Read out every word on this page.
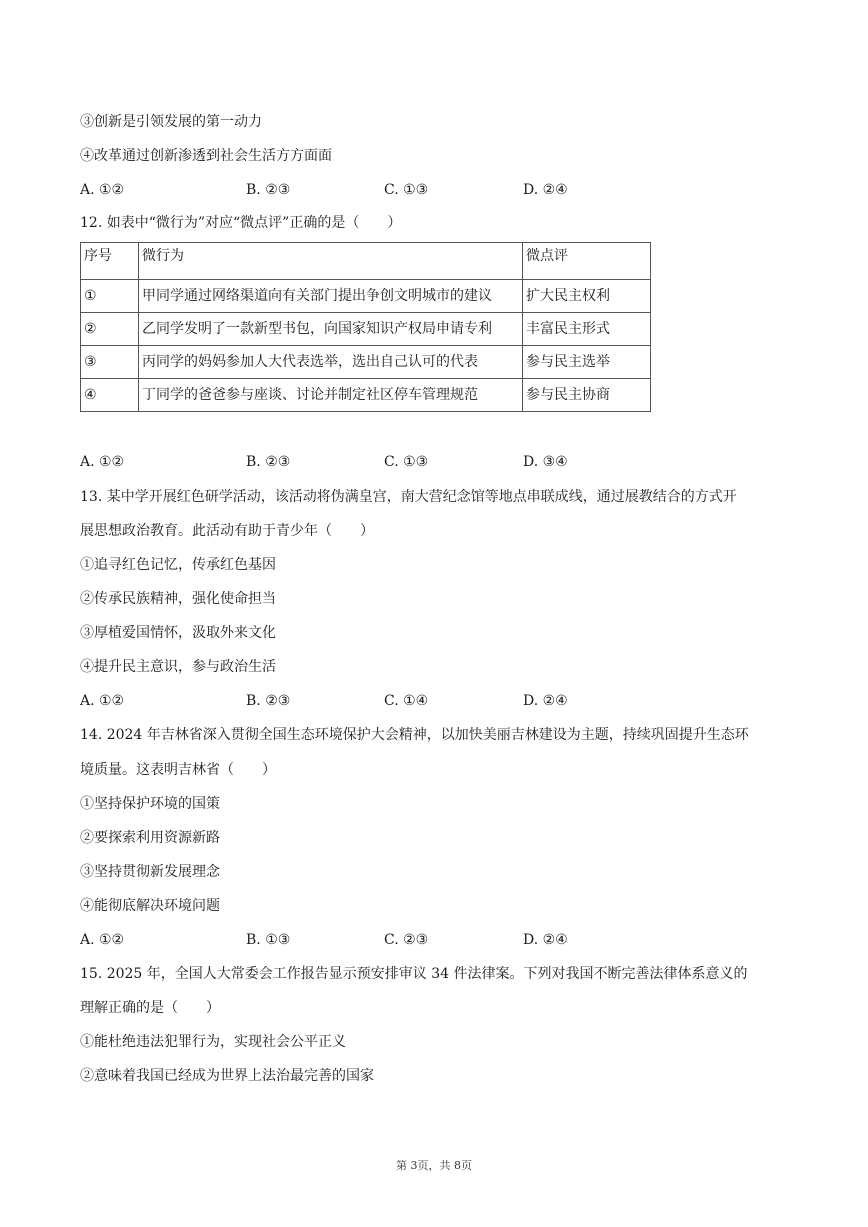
③创新是引领发展的第一动力
④改革通过创新渗透到社会生活方方面面
A. ①②	B. ②③	C. ①③	D. ②④
12. 如表中“微行为”对应“微点评”正确的是（　　）
序号	微行为	微点评
①	甲同学通过网络渠道向有关部门提出争创文明城市的建议	扩大民主权利
②	乙同学发明了一款新型书包，向国家知识产权局申请专利	丰富民主形式
③	丙同学的妈妈参加人大代表选举，选出自己认可的代表	参与民主选举
④	丁同学的爸爸参与座谈、讨论并制定社区停车管理规范	参与民主协商
A. ①②	B. ②③	C. ①③	D. ③④
13. 某中学开展红色研学活动，该活动将伪满皇宫，南大营纪念馆等地点串联成线，通过展教结合的方式开
展思想政治教育。此活动有助于青少年（　　）
①追寻红色记忆，传承红色基因
②传承民族精神，强化使命担当
③厚植爱国情怀，汲取外来文化
④提升民主意识，参与政治生活
A. ①②	B. ②③	C. ①④	D. ②④
14. 2024 年吉林省深入贯彻全国生态环境保护大会精神，以加快美丽吉林建设为主题，持续巩固提升生态环
境质量。这表明吉林省（　　）
①坚持保护环境的国策
②要探索利用资源新路
③坚持贯彻新发展理念
④能彻底解决环境问题
A. ①②	B. ①③	C. ②③	D. ②④
15. 2025 年，全国人大常委会工作报告显示预安排审议 34 件法律案。下列对我国不断完善法律体系意义的
理解正确的是（　　）
①能杜绝违法犯罪行为，实现社会公平正义
②意味着我国已经成为世界上法治最完善的国家
第 3页，共 8页
